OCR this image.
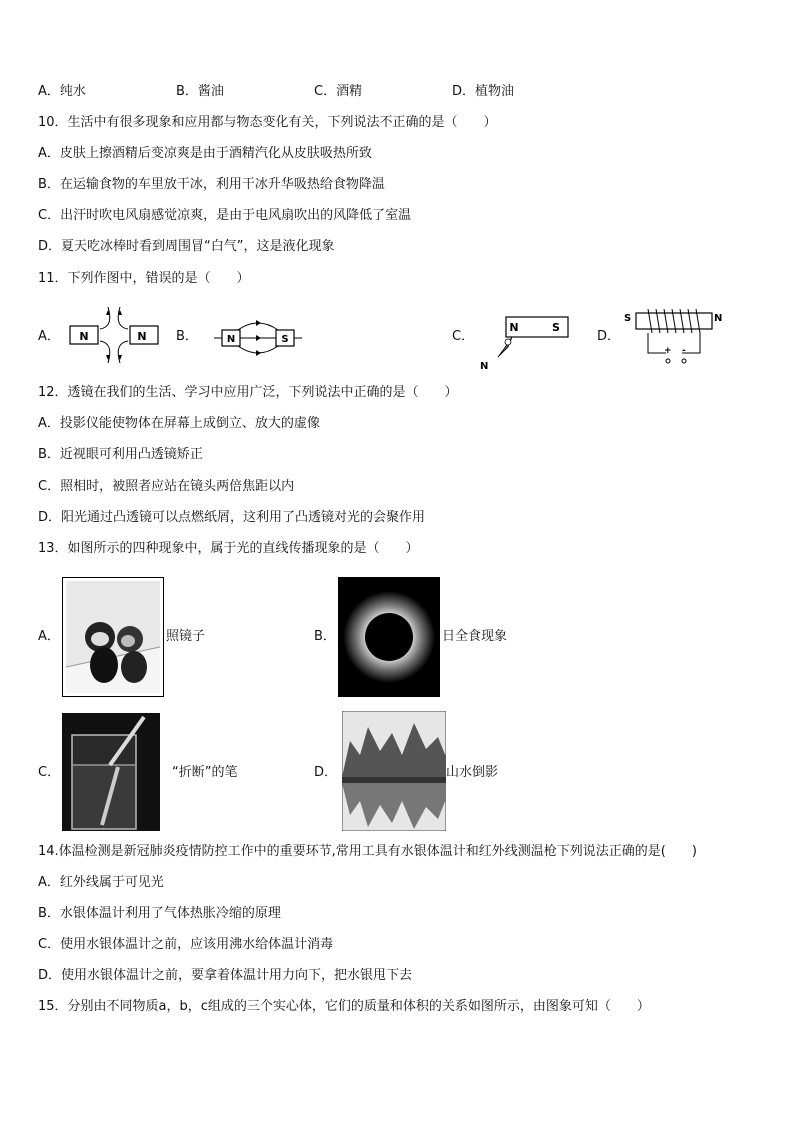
A．纯水	B．酱油	C．酒精	D．植物油
10．生活中有很多现象和应用都与物态变化有关，下列说法不正确的是（　　）
A．皮肤上擦酒精后变凉爽是由于酒精汽化从皮肤吸热所致
B．在运输食物的车里放干冰，利用干冰升华吸热给食物降温
C．出汗时吹电风扇感觉凉爽，是由于电风扇吹出的风降低了室温
D．夏天吃冰棒时看到周围冒“白气”，这是液化现象
11．下列作图中，错误的是（　　）
A． N	N B．	N	S	C．
N	S
N
D．
S	N
+ -
12．透镜在我们的生活、学习中应用广泛，下列说法中正确的是（　　）
A．投影仪能使物体在屏幕上成倒立、放大的虚像
B．近视眼可利用凸透镜矫正
C．照相时，被照者应站在镜头两倍焦距以内
D．阳光通过凸透镜可以点燃纸屑，这利用了凸透镜对光的会聚作用
13．如图所示的四种现象中，属于光的直线传播现象的是（　　）
A．	照镜子	B．	日全食现象
C．	“折断”的笔	D．	山水倒影
14.体温检测是新冠肺炎疫情防控工作中的重要环节,常用工具有水银体温计和红外线测温枪下列说法正确的是(　　)
A．红外线属于可见光
B．水银体温计利用了气体热胀冷缩的原理
C．使用水银体温计之前，应该用沸水给体温计消毒
D．使用水银体温计之前，要拿着体温计用力向下，把水银甩下去
15．分别由不同物质a，b，c组成的三个实心体，它们的质量和体积的关系如图所示，由图象可知（　　）
